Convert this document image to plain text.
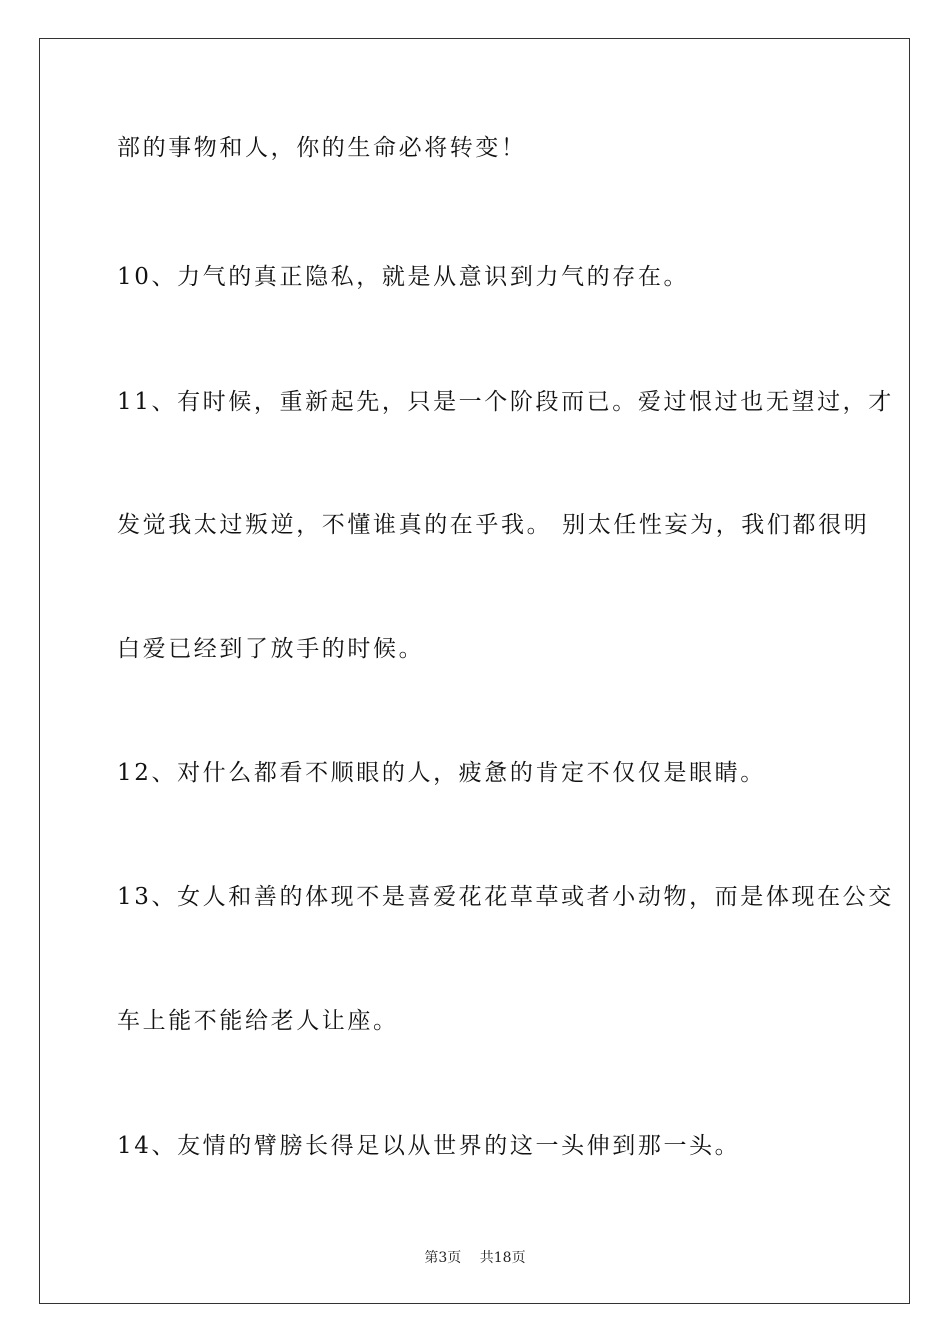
部的事物和人，你的生命必将转变！
10、力气的真正隐私，就是从意识到力气的存在。
11、有时候，重新起先，只是一个阶段而已。爱过恨过也无望过，才
发觉我太过叛逆，不懂谁真的在乎我。 别太任性妄为，我们都很明
白爱已经到了放手的时候。
12、对什么都看不顺眼的人，疲惫的肯定不仅仅是眼睛。
13、女人和善的体现不是喜爱花花草草或者小动物，而是体现在公交
车上能不能给老人让座。
14、友情的臂膀长得足以从世界的这一头伸到那一头。
第3页 共18页
